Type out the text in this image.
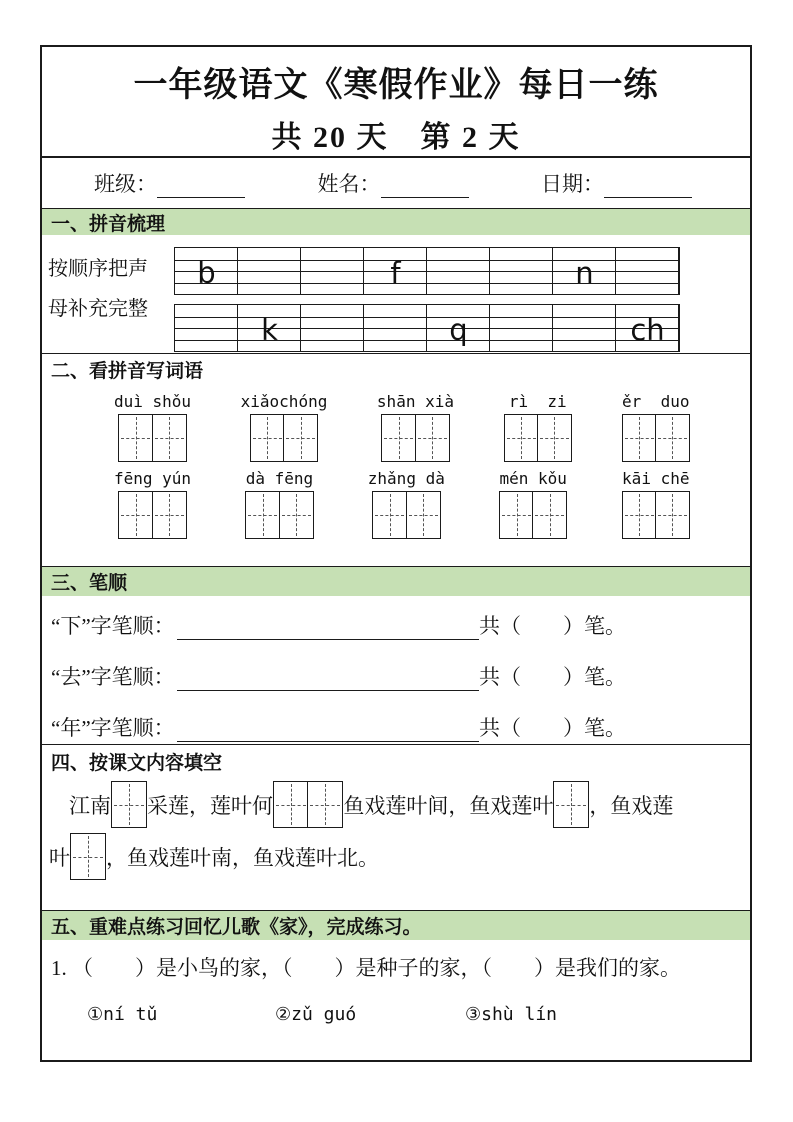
一年级语文《寒假作业》每日一练
共 20 天　第 2 天
班级：	姓名：	日期：
一、拼音梳理
按顺序把声
母补充完整
b	f	n
k	q	ch
二、看拼音写词语
duì shǒu	xiǎochóng	shān xià	rì  zi	ěr  duo
fēng yún	dà fēng	zhǎng dà	mén kǒu	kāi chē
三、笔顺
“下”字笔顺：	共（　　）笔。
“去”字笔顺：	共（　　）笔。
“年”字笔顺：	共（　　）笔。
四、按课文内容填空
江南 采莲，莲叶何	鱼戏莲叶间，鱼戏莲叶 ，鱼戏莲
叶 ，鱼戏莲叶南，鱼戏莲叶北。
五、重难点练习回忆儿歌《家》，完成练习。
1. （　　）是小鸟的家，（　　）是种子的家，（　　）是我们的家。
①ní tǔ	②zǔ guó	③shù lín
